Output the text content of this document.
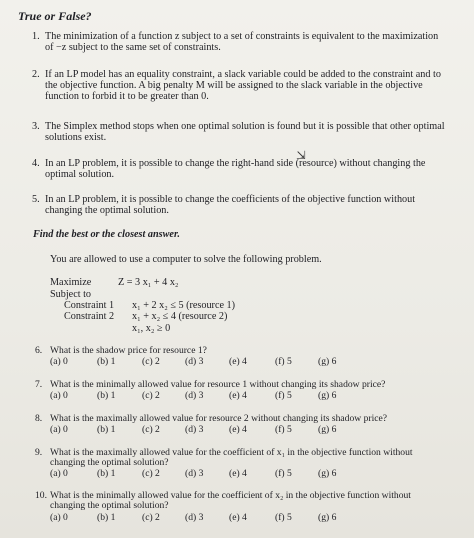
True or False?
1. The minimization of a function z subject to a set of constraints is equivalent to the maximization
of −z subject to the same set of constraints.
2. If an LP model has an equality constraint, a slack variable could be added to the constraint and to
the objective function. A big penalty M will be assigned to the slack variable in the objective
function to forbid it to be greater than 0.
3. The Simplex method stops when one optimal solution is found but it is possible that other optimal
solutions exist.
⇲
4. In an LP problem, it is possible to change the right-hand side (resource) without changing the
optimal solution.
5. In an LP problem, it is possible to change the coefficients of the objective function without
changing the optimal solution.
Find the best or the closest answer.
You are allowed to use a computer to solve the following problem.
Maximize	Z = 3 x₁ + 4 x₂
Subject to
Constraint 1 x₁ + 2 x₂ ≤ 5 (resource 1)
Constraint 2 x₁ + x₂ ≤ 4 (resource 2)
x₁, x₂ ≥ 0
6. What is the shadow price for resource 1?
(a) 0	(b) 1	(c) 2	(d) 3	(e) 4	(f) 5	(g) 6
7. What is the minimally allowed value for resource 1 without changing its shadow price?
(a) 0	(b) 1	(c) 2	(d) 3	(e) 4	(f) 5	(g) 6
8. What is the maximally allowed value for resource 2 without changing its shadow price?
(a) 0	(b) 1	(c) 2	(d) 3	(e) 4	(f) 5	(g) 6
9. What is the maximally allowed value for the coefficient of x₁ in the objective function without
changing the optimal solution?
(a) 0	(b) 1	(c) 2	(d) 3	(e) 4	(f) 5	(g) 6
10. What is the minimally allowed value for the coefficient of x₂ in the objective function without
changing the optimal solution?
(a) 0	(b) 1	(c) 2	(d) 3	(e) 4	(f) 5	(g) 6
